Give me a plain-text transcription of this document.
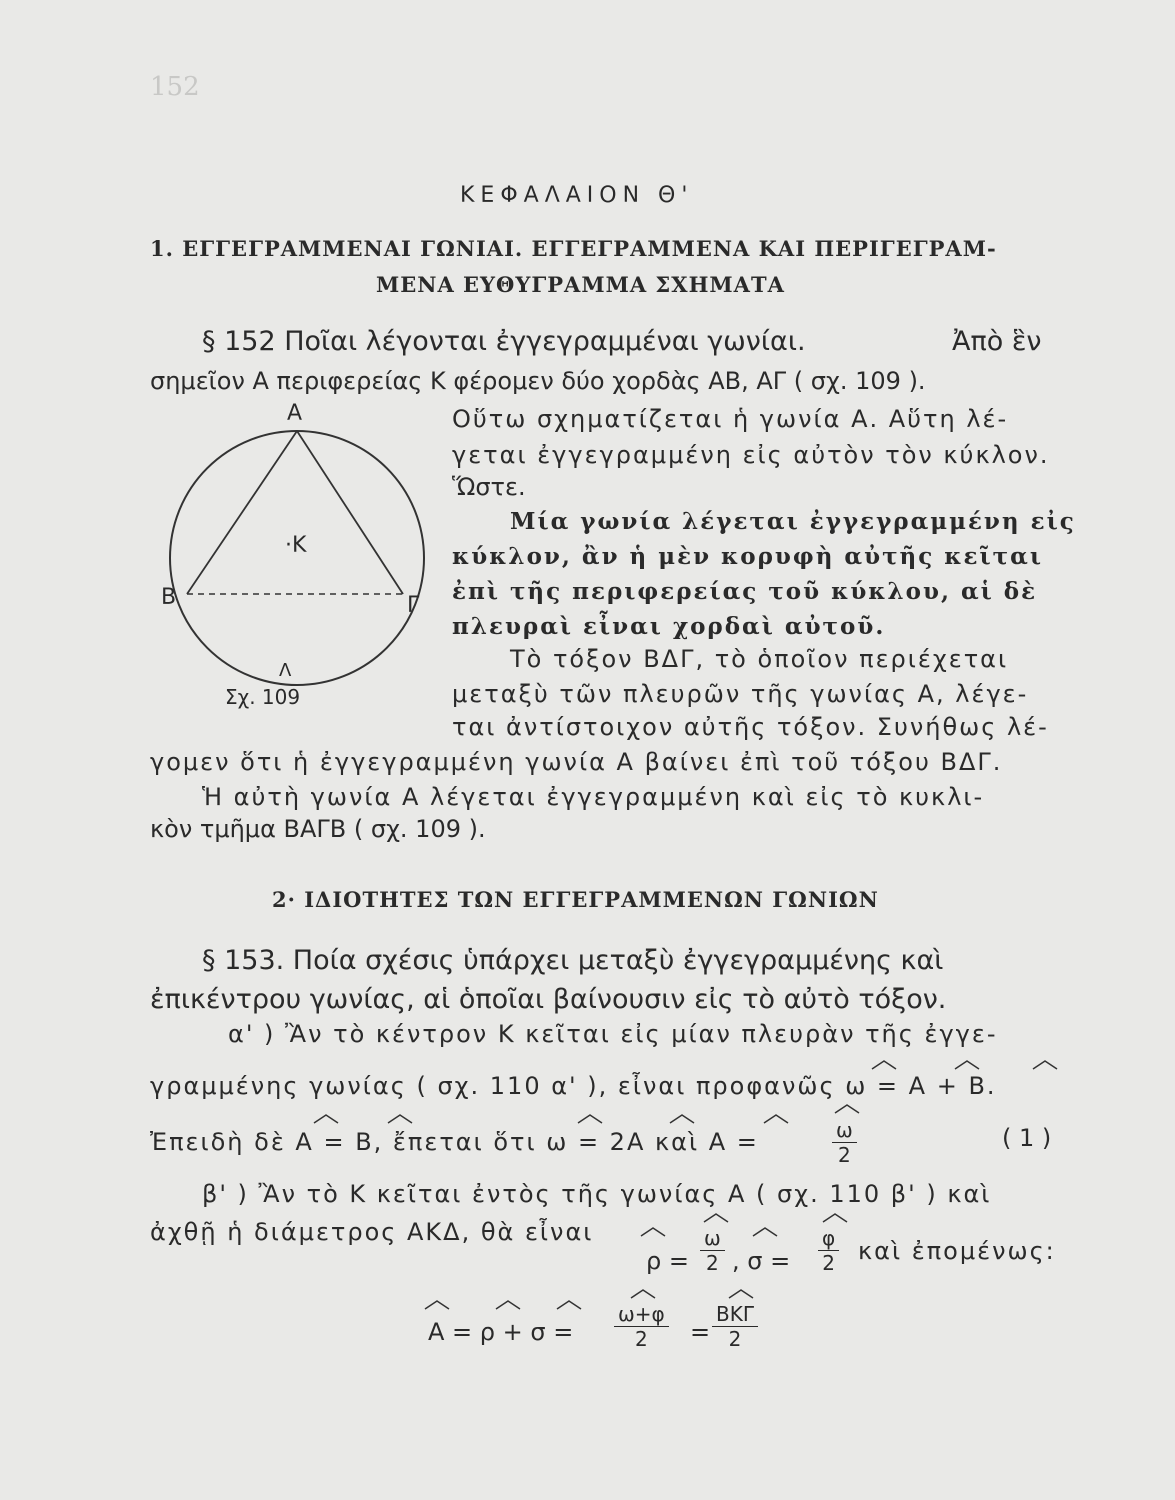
152
ΚΕΦΑΛΑΙΟΝ Θ'
1. ΕΓΓΕΓΡΑΜΜΕΝΑΙ ΓΩΝΙΑΙ. ΕΓΓΕΓΡΑΜΜΕΝΑ ΚΑΙ ΠΕΡΙΓΕΓΡΑΜ-
ΜΕΝΑ ΕΥΘΥΓΡΑΜΜΑ ΣΧΗΜΑΤΑ
§ 152 Ποῖαι λέγονται ἐγγεγραμμέναι γωνίαι.	Ἀπὸ ἓν
σημεῖον Α περιφερείας Κ φέρομεν δύο χορδὰς ΑΒ, ΑΓ ( σχ. 109 ).
Α
·Κ
Β	Γ
Λ
Σχ. 109
Οὕτω σχηματίζεται ἡ γωνία Α. Αὕτη λέ-
γεται ἐγγεγραμμένη εἰς αὐτὸν τὸν κύκλον.
Ὥστε.
Μία γωνία λέγεται ἐγγεγραμμένη εἰς
κύκλον, ἂν ἡ μὲν κορυφὴ αὐτῆς κεῖται
ἐπὶ τῆς περιφερείας τοῦ κύκλου, αἱ δὲ
πλευραὶ εἶναι χορδαὶ αὐτοῦ.
Τὸ τόξον ΒΔΓ, τὸ ὁποῖον περιέχεται
μεταξὺ τῶν πλευρῶν τῆς γωνίας Α, λέγε-
ται ἀντίστοιχον αὐτῆς τόξον. Συνήθως λέ-
γομεν ὅτι ἡ ἐγγεγραμμένη γωνία Α βαίνει ἐπὶ τοῦ τόξου ΒΔΓ.
Ἡ αὐτὴ γωνία Α λέγεται ἐγγεγραμμένη καὶ εἰς τὸ κυκλι-
κὸν τμῆμα ΒΑΓΒ ( σχ. 109 ).
2· ΙΔΙΟΤΗΤΕΣ ΤΩΝ ΕΓΓΕΓΡΑΜΜΕΝΩΝ ΓΩΝΙΩΝ
§ 153. Ποία σχέσις ὑπάρχει μεταξὺ ἐγγεγραμμένης καὶ
ἐπικέντρου γωνίας, αἱ ὁποῖαι βαίνουσιν εἰς τὸ αὐτὸ τόξον.
α' ) Ἂν τὸ κέντρον Κ κεῖται εἰς μίαν πλευρὰν τῆς ἐγγε-
γραμμένης γωνίας ( σχ. 110 α' ), εἶναι προφανῶς ω = Α + Β.
Ἐπειδὴ δὲ Α = Β, ἔπεται ὅτι ω = 2Α καὶ Α =	$\frac{\omega}{2}$	( 1 )
β' ) Ἂν τὸ Κ κεῖται ἐντὸς τῆς γωνίας Α ( σχ. 110 β' ) καὶ
ἀχθῇ ἡ διάμετρος ΑΚΔ, θὰ εἶναι
$\rho = \frac{\omega}{2}$ , $\sigma = \frac{\varphi}{2}$ καὶ ἐπομένως:
$A = \rho + \sigma = \frac{\omega+\varphi}{2}$ =
ΒΚΓ
2
